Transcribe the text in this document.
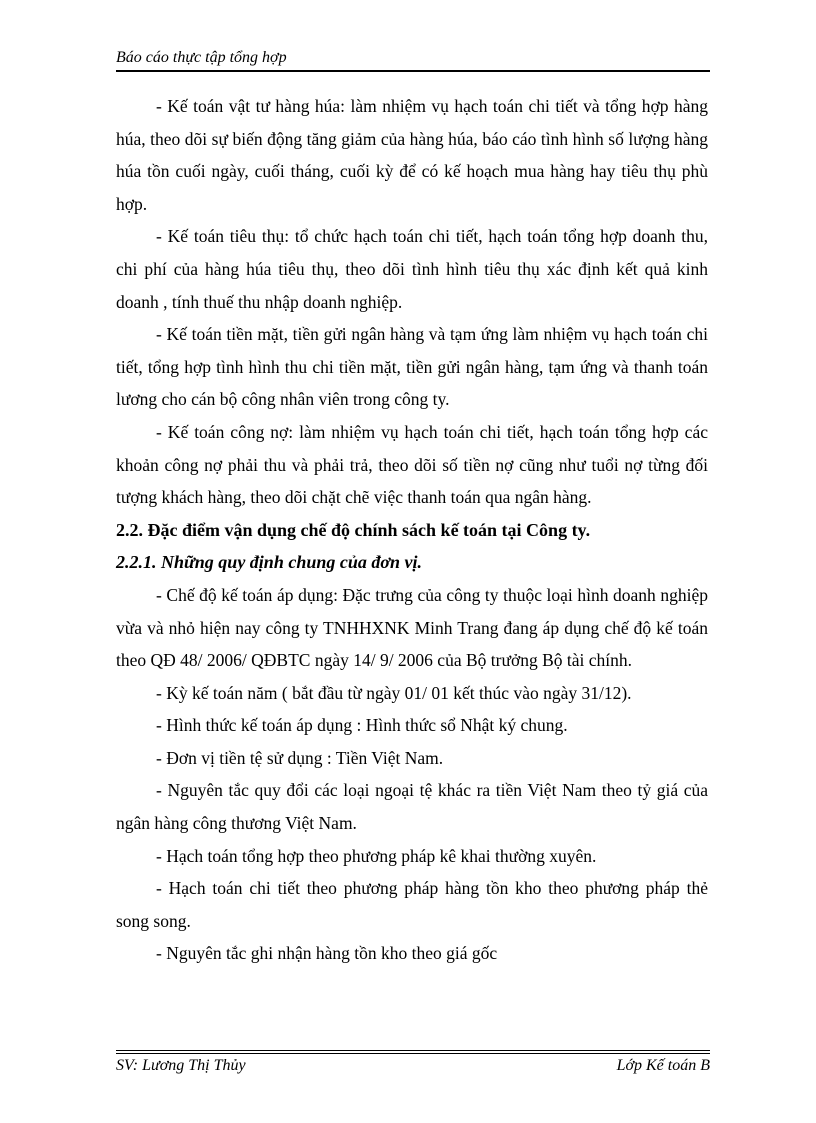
Báo cáo thực tập tổng hợp

- Kế toán vật tư hàng húa: làm nhiệm vụ hạch toán chi tiết và tổng hợp hàng húa, theo dõi sự biến động tăng giảm của hàng húa, báo cáo tình hình số lượng hàng húa tồn cuối ngày, cuối tháng, cuối kỳ để có kế hoạch mua hàng hay tiêu thụ phù hợp.

- Kế toán tiêu thụ: tổ chức hạch toán chi tiết, hạch toán tổng hợp doanh thu, chi phí của hàng húa tiêu thụ, theo dõi tình hình tiêu thụ xác định kết quả kinh doanh , tính thuế thu nhập doanh nghiệp.

- Kế toán tiền mặt, tiền gửi ngân hàng và tạm ứng làm nhiệm vụ hạch toán chi tiết, tổng hợp tình hình thu chi tiền mặt, tiền gửi ngân hàng, tạm ứng và thanh toán lương cho cán bộ công nhân viên trong công ty.

- Kế toán công nợ: làm nhiệm vụ hạch toán chi tiết, hạch toán tổng hợp các khoản công nợ phải thu và phải trả, theo dõi số tiền nợ cũng như tuổi nợ từng đối tượng khách hàng, theo dõi chặt chẽ việc thanh toán qua ngân hàng.

2.2. Đặc điểm vận dụng chế độ chính sách kế toán tại Công ty.

2.2.1. Những quy định chung của đơn vị.

- Chế độ kế toán áp dụng: Đặc trưng của công ty thuộc loại hình doanh nghiệp vừa và nhỏ hiện nay công ty TNHHXNK Minh Trang đang áp dụng chế độ kế toán theo QĐ 48/ 2006/ QĐBTC ngày 14/ 9/ 2006 của Bộ trưởng Bộ tài chính.

- Kỳ kế toán năm ( bắt đầu từ ngày 01/ 01 kết thúc vào ngày 31/12).

- Hình thức kế toán áp dụng : Hình thức sổ Nhật ký chung.

- Đơn vị tiền tệ sử dụng : Tiền Việt Nam.

- Nguyên tắc quy đổi các loại ngoại tệ khác ra tiền Việt Nam theo tỷ giá của ngân hàng công thương Việt Nam.

- Hạch toán tổng hợp theo phương pháp kê khai thường xuyên.

- Hạch toán chi tiết theo phương pháp hàng tồn kho theo phương pháp thẻ song song.

- Nguyên tắc ghi nhận hàng tồn kho theo giá gốc

SV: Lương Thị Thủy	Lớp Kế toán B
